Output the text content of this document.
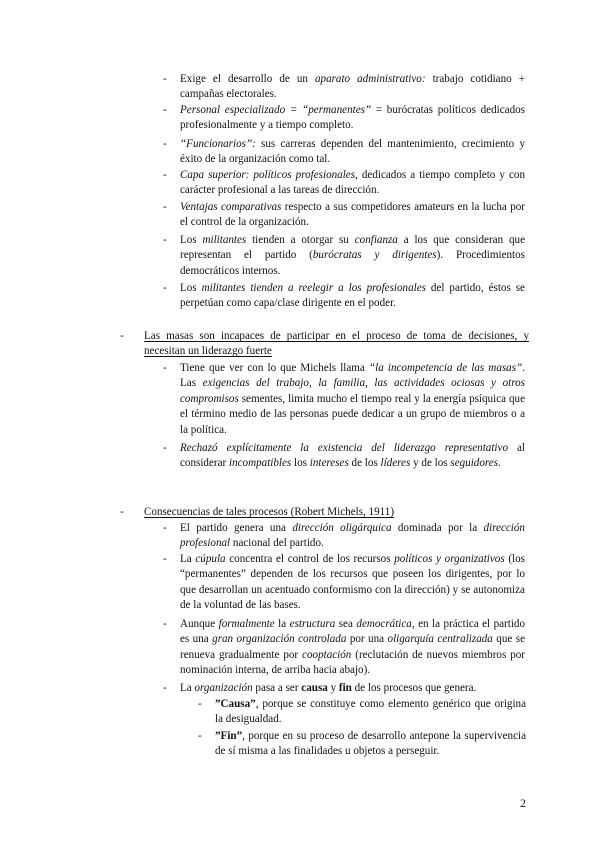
- Exige el desarrollo de un aparato administrativo: trabajo cotidiano + campañas electorales.
- Personal especializado = “permanentes” = burócratas políticos dedicados profesionalmente y a tiempo completo.
- “Funcionarios”: sus carreras dependen del mantenimiento, crecimiento y éxito de la organización como tal.
- Capa superior: políticos profesionales, dedicados a tiempo completo y con carácter profesional a las tareas de dirección.
- Ventajas comparativas respecto a sus competidores amateurs en la lucha por el control de la organización.
- Los militantes tienden a otorgar su confianza a los que consideran que representan el partido (burócratas y dirigentes). Procedimientos democráticos internos.
- Los militantes tienden a reelegir a los profesionales del partido, éstos se perpetúan como capa/clase dirigente en el poder.
- Las masas son incapaces de participar en el proceso de toma de decisiones, y necesitan un liderazgo fuerte
- Tiene que ver con lo que Michels llama “la incompetencia de las masas”. Las exigencias del trabajo, la familia, las actividades ociosas y otros compromisos sementes, limita mucho el tiempo real y la energía psíquica que el término medio de las personas puede dedicar a un grupo de miembros o a la política.
- Rechazó explícitamente la existencia del liderazgo representativo al considerar incompatibles los intereses de los líderes y de los seguidores.
- Consecuencias de tales procesos (Robert Michels, 1911)
- El partido genera una dirección oligárquica dominada por la dirección profesional nacional del partido.
- La cúpula concentra el control de los recursos políticos y organizativos (los “permanentes” dependen de los recursos que poseen los dirigentes, por lo que desarrollan un acentuado conformismo con la dirección) y se autonomiza de la voluntad de las bases.
- Aunque formalmente la estructura sea democrática, en la práctica el partido es una gran organización controlada por una oligarquía centralizada que se renueva gradualmente por cooptación (reclutación de nuevos miembros por nominación interna, de arriba hacia abajo).
- La organización pasa a ser causa y fin de los procesos que genera.
- ”Causa”, porque se constituye como elemento genérico que origina la desigualdad.
- ”Fin”, porque en su proceso de desarrollo antepone la supervivencia de sí misma a las finalidades u objetos a perseguir.
2
